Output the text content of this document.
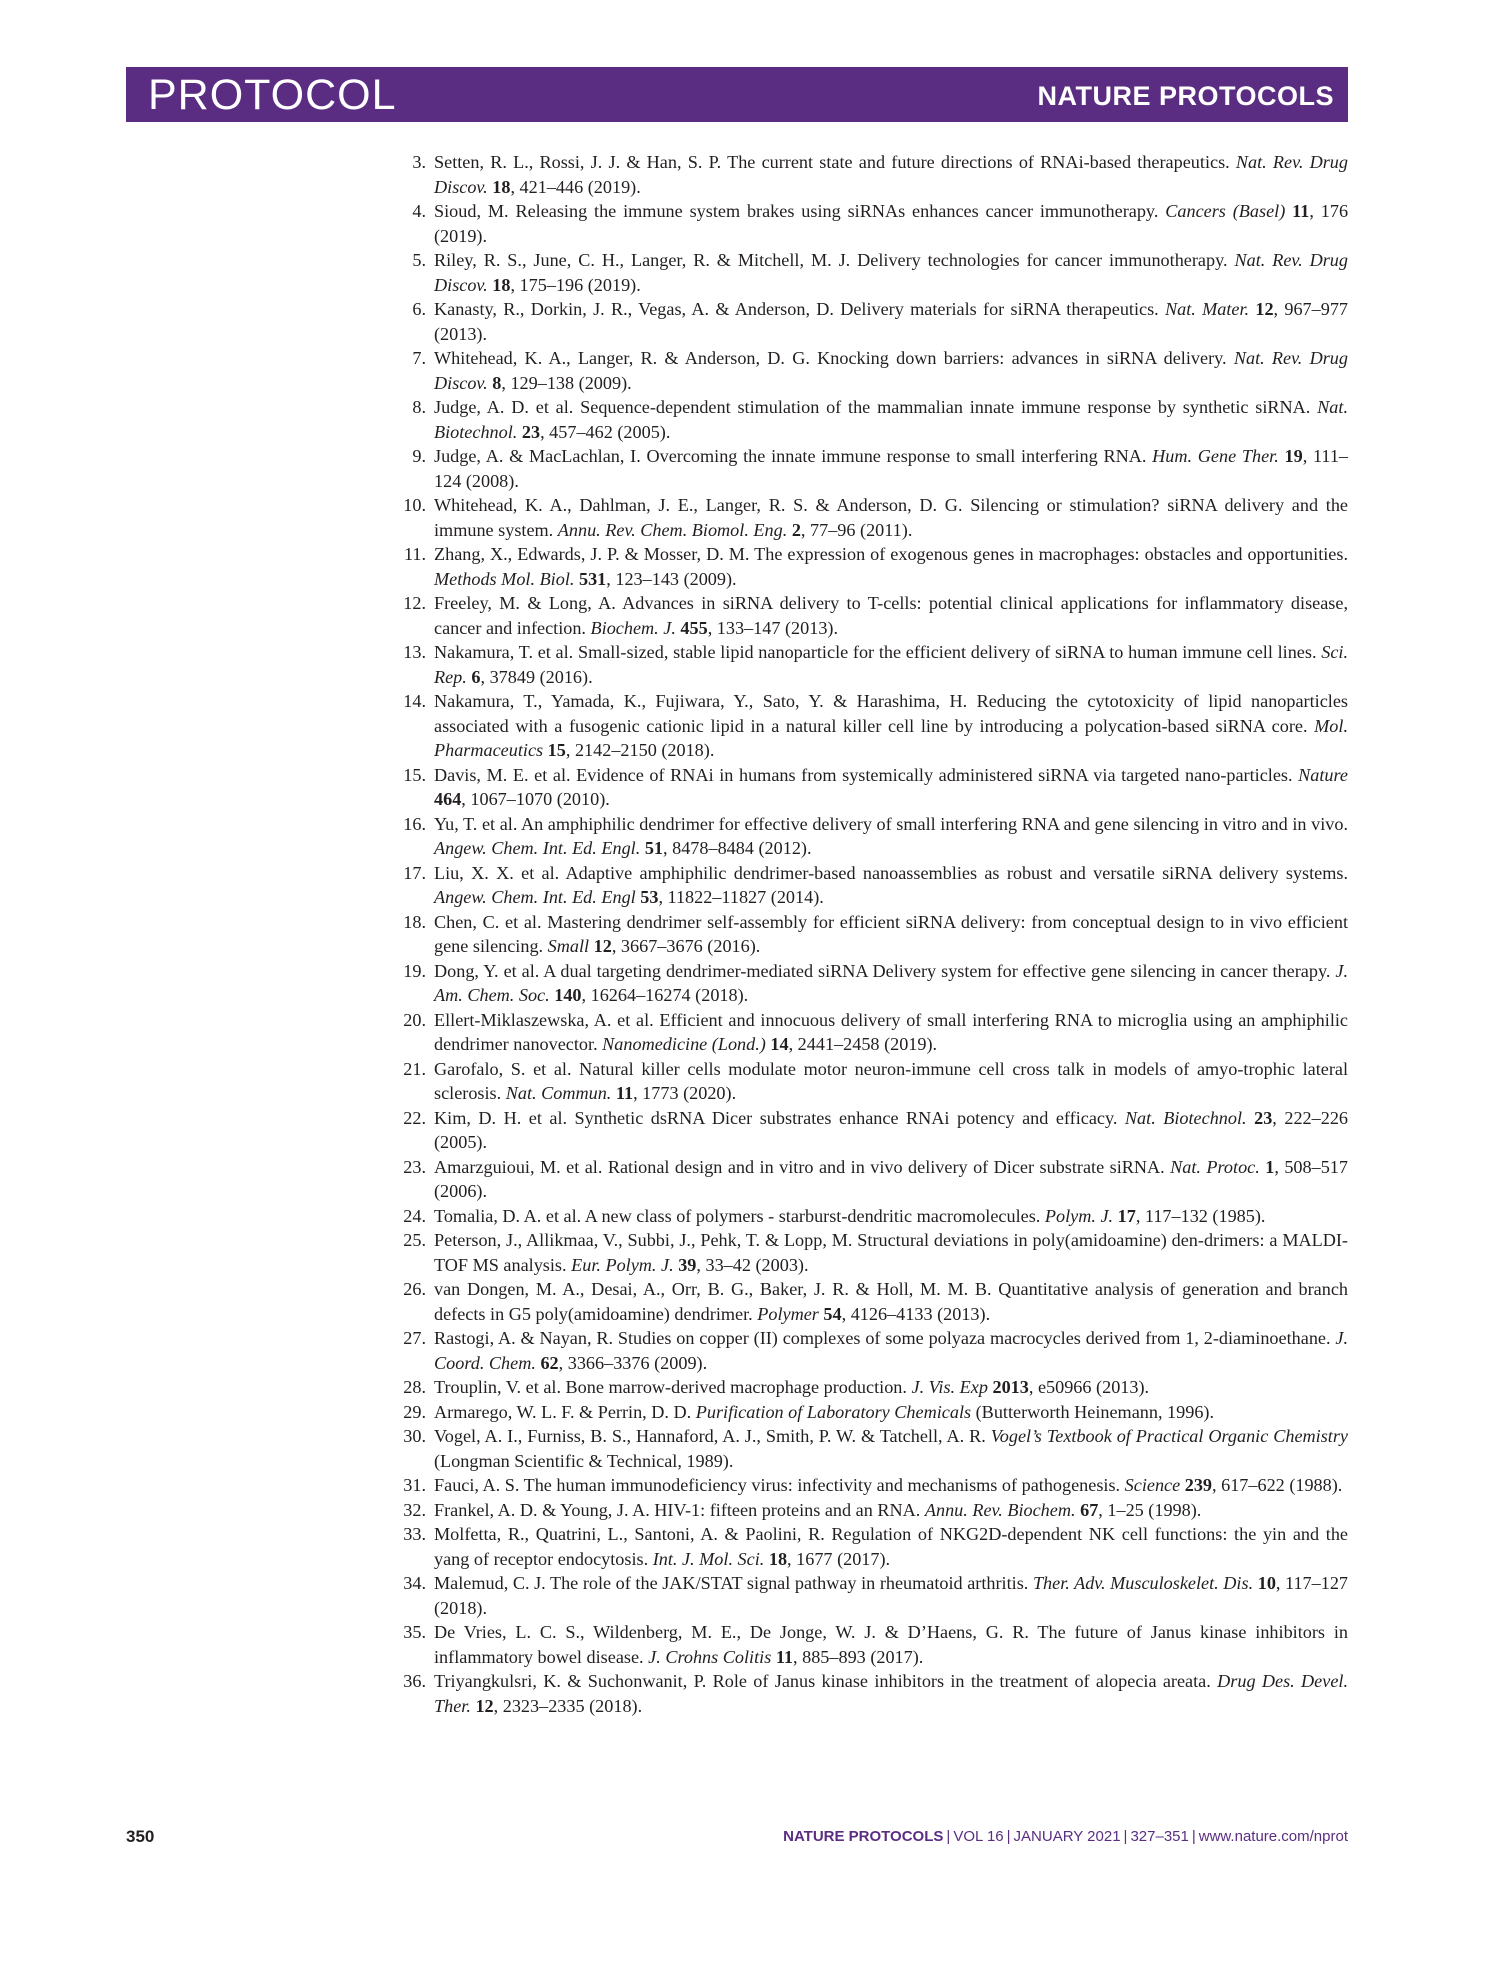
PROTOCOL	NATURE PROTOCOLS
3. Setten, R. L., Rossi, J. J. & Han, S. P. The current state and future directions of RNAi-based therapeutics. Nat. Rev. Drug Discov. 18, 421–446 (2019).
4. Sioud, M. Releasing the immune system brakes using siRNAs enhances cancer immunotherapy. Cancers (Basel) 11, 176 (2019).
5. Riley, R. S., June, C. H., Langer, R. & Mitchell, M. J. Delivery technologies for cancer immunotherapy. Nat. Rev. Drug Discov. 18, 175–196 (2019).
6. Kanasty, R., Dorkin, J. R., Vegas, A. & Anderson, D. Delivery materials for siRNA therapeutics. Nat. Mater. 12, 967–977 (2013).
7. Whitehead, K. A., Langer, R. & Anderson, D. G. Knocking down barriers: advances in siRNA delivery. Nat. Rev. Drug Discov. 8, 129–138 (2009).
8. Judge, A. D. et al. Sequence-dependent stimulation of the mammalian innate immune response by synthetic siRNA. Nat. Biotechnol. 23, 457–462 (2005).
9. Judge, A. & MacLachlan, I. Overcoming the innate immune response to small interfering RNA. Hum. Gene Ther. 19, 111–124 (2008).
10. Whitehead, K. A., Dahlman, J. E., Langer, R. S. & Anderson, D. G. Silencing or stimulation? siRNA delivery and the immune system. Annu. Rev. Chem. Biomol. Eng. 2, 77–96 (2011).
11. Zhang, X., Edwards, J. P. & Mosser, D. M. The expression of exogenous genes in macrophages: obstacles and opportunities. Methods Mol. Biol. 531, 123–143 (2009).
12. Freeley, M. & Long, A. Advances in siRNA delivery to T-cells: potential clinical applications for inflammatory disease, cancer and infection. Biochem. J. 455, 133–147 (2013).
13. Nakamura, T. et al. Small-sized, stable lipid nanoparticle for the efficient delivery of siRNA to human immune cell lines. Sci. Rep. 6, 37849 (2016).
14. Nakamura, T., Yamada, K., Fujiwara, Y., Sato, Y. & Harashima, H. Reducing the cytotoxicity of lipid nanoparticles associated with a fusogenic cationic lipid in a natural killer cell line by introducing a polycation-based siRNA core. Mol. Pharmaceutics 15, 2142–2150 (2018).
15. Davis, M. E. et al. Evidence of RNAi in humans from systemically administered siRNA via targeted nano-particles. Nature 464, 1067–1070 (2010).
16. Yu, T. et al. An amphiphilic dendrimer for effective delivery of small interfering RNA and gene silencing in vitro and in vivo. Angew. Chem. Int. Ed. Engl. 51, 8478–8484 (2012).
17. Liu, X. X. et al. Adaptive amphiphilic dendrimer-based nanoassemblies as robust and versatile siRNA delivery systems. Angew. Chem. Int. Ed. Engl 53, 11822–11827 (2014).
18. Chen, C. et al. Mastering dendrimer self-assembly for efficient siRNA delivery: from conceptual design to in vivo efficient gene silencing. Small 12, 3667–3676 (2016).
19. Dong, Y. et al. A dual targeting dendrimer-mediated siRNA Delivery system for effective gene silencing in cancer therapy. J. Am. Chem. Soc. 140, 16264–16274 (2018).
20. Ellert-Miklaszewska, A. et al. Efficient and innocuous delivery of small interfering RNA to microglia using an amphiphilic dendrimer nanovector. Nanomedicine (Lond.) 14, 2441–2458 (2019).
21. Garofalo, S. et al. Natural killer cells modulate motor neuron-immune cell cross talk in models of amyo-trophic lateral sclerosis. Nat. Commun. 11, 1773 (2020).
22. Kim, D. H. et al. Synthetic dsRNA Dicer substrates enhance RNAi potency and efficacy. Nat. Biotechnol. 23, 222–226 (2005).
23. Amarzguioui, M. et al. Rational design and in vitro and in vivo delivery of Dicer substrate siRNA. Nat. Protoc. 1, 508–517 (2006).
24. Tomalia, D. A. et al. A new class of polymers - starburst-dendritic macromolecules. Polym. J. 17, 117–132 (1985).
25. Peterson, J., Allikmaa, V., Subbi, J., Pehk, T. & Lopp, M. Structural deviations in poly(amidoamine) den-drimers: a MALDI-TOF MS analysis. Eur. Polym. J. 39, 33–42 (2003).
26. van Dongen, M. A., Desai, A., Orr, B. G., Baker, J. R. & Holl, M. M. B. Quantitative analysis of generation and branch defects in G5 poly(amidoamine) dendrimer. Polymer 54, 4126–4133 (2013).
27. Rastogi, A. & Nayan, R. Studies on copper (II) complexes of some polyaza macrocycles derived from 1, 2-diaminoethane. J. Coord. Chem. 62, 3366–3376 (2009).
28. Trouplin, V. et al. Bone marrow-derived macrophage production. J. Vis. Exp 2013, e50966 (2013).
29. Armarego, W. L. F. & Perrin, D. D. Purification of Laboratory Chemicals (Butterworth Heinemann, 1996).
30. Vogel, A. I., Furniss, B. S., Hannaford, A. J., Smith, P. W. & Tatchell, A. R. Vogel’s Textbook of Practical Organic Chemistry (Longman Scientific & Technical, 1989).
31. Fauci, A. S. The human immunodeficiency virus: infectivity and mechanisms of pathogenesis. Science 239, 617–622 (1988).
32. Frankel, A. D. & Young, J. A. HIV-1: fifteen proteins and an RNA. Annu. Rev. Biochem. 67, 1–25 (1998).
33. Molfetta, R., Quatrini, L., Santoni, A. & Paolini, R. Regulation of NKG2D-dependent NK cell functions: the yin and the yang of receptor endocytosis. Int. J. Mol. Sci. 18, 1677 (2017).
34. Malemud, C. J. The role of the JAK/STAT signal pathway in rheumatoid arthritis. Ther. Adv. Musculoskelet. Dis. 10, 117–127 (2018).
35. De Vries, L. C. S., Wildenberg, M. E., De Jonge, W. J. & D’Haens, G. R. The future of Janus kinase inhibitors in inflammatory bowel disease. J. Crohns Colitis 11, 885–893 (2017).
36. Triyangkulsri, K. & Suchonwanit, P. Role of Janus kinase inhibitors in the treatment of alopecia areata. Drug Des. Devel. Ther. 12, 2323–2335 (2018).
350	NATURE PROTOCOLS | VOL 16 | JANUARY 2021 | 327–351 | www.nature.com/nprot
